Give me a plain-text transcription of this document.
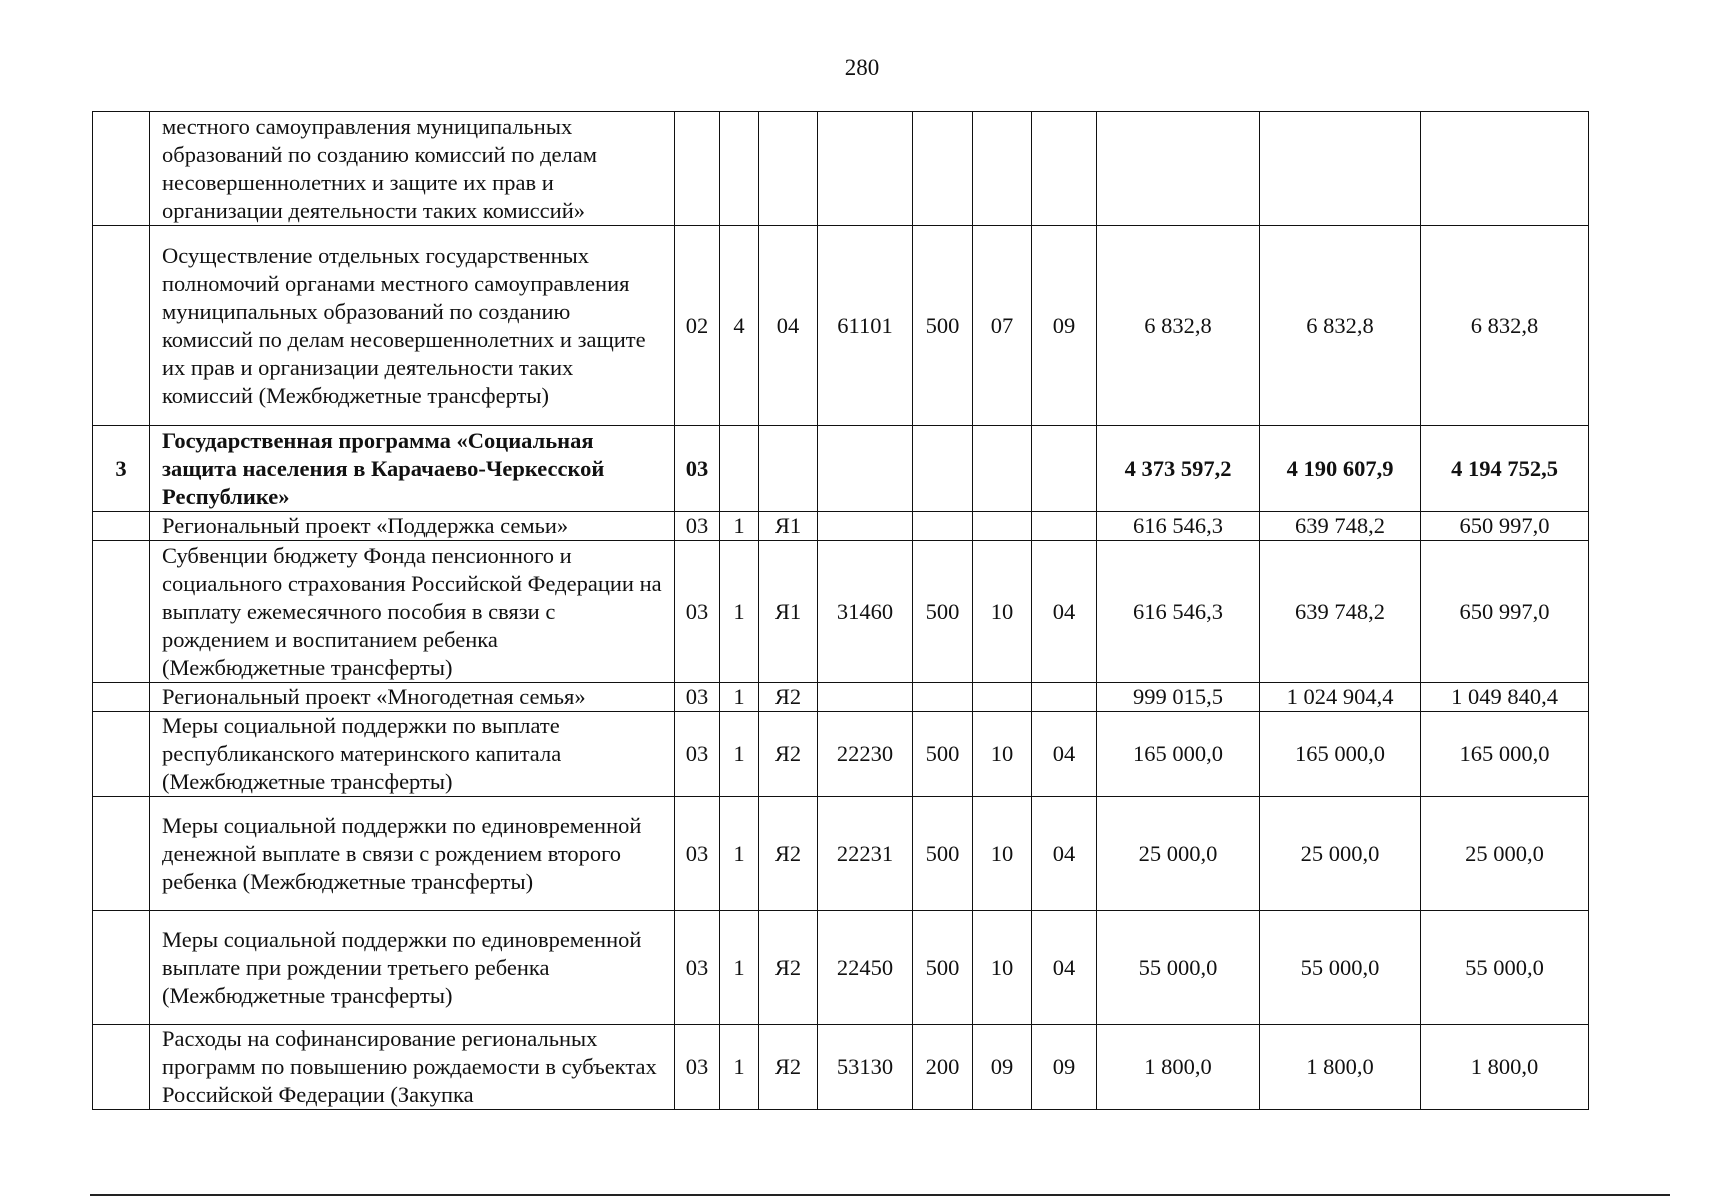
280
	местного самоуправления муниципальных образований по созданию комиссий по делам несовершеннолетних и защите их прав и организации деятельности таких комиссий»										
	Осуществление отдельных государственных полномочий органами местного самоуправления муниципальных образований по созданию комиссий по делам несовершеннолетних и защите их прав и организации деятельности таких комиссий (Межбюджетные трансферты)	02	4	04	61101	500	07	09	6 832,8	6 832,8	6 832,8
3	Государственная программа «Социальная защита населения в Карачаево-Черкесской Республике»	03							4 373 597,2	4 190 607,9	4 194 752,5
	Региональный проект «Поддержка семьи»	03	1	Я1					616 546,3	639 748,2	650 997,0
	Субвенции бюджету Фонда пенсионного и социального страхования Российской Федерации на выплату ежемесячного пособия в связи с рождением и воспитанием ребенка (Межбюджетные трансферты)	03	1	Я1	31460	500	10	04	616 546,3	639 748,2	650 997,0
	Региональный проект «Многодетная семья»	03	1	Я2					999 015,5	1 024 904,4	1 049 840,4
	Меры социальной поддержки по выплате республиканского материнского капитала (Межбюджетные трансферты)	03	1	Я2	22230	500	10	04	165 000,0	165 000,0	165 000,0
	Меры социальной поддержки по единовременной денежной выплате в связи с рождением второго ребенка (Межбюджетные трансферты)	03	1	Я2	22231	500	10	04	25 000,0	25 000,0	25 000,0
	Меры социальной поддержки по единовременной выплате при рождении третьего ребенка (Межбюджетные трансферты)	03	1	Я2	22450	500	10	04	55 000,0	55 000,0	55 000,0
	Расходы на софинансирование региональных программ по повышению рождаемости в субъектах Российской Федерации (Закупка	03	1	Я2	53130	200	09	09	1 800,0	1 800,0	1 800,0
